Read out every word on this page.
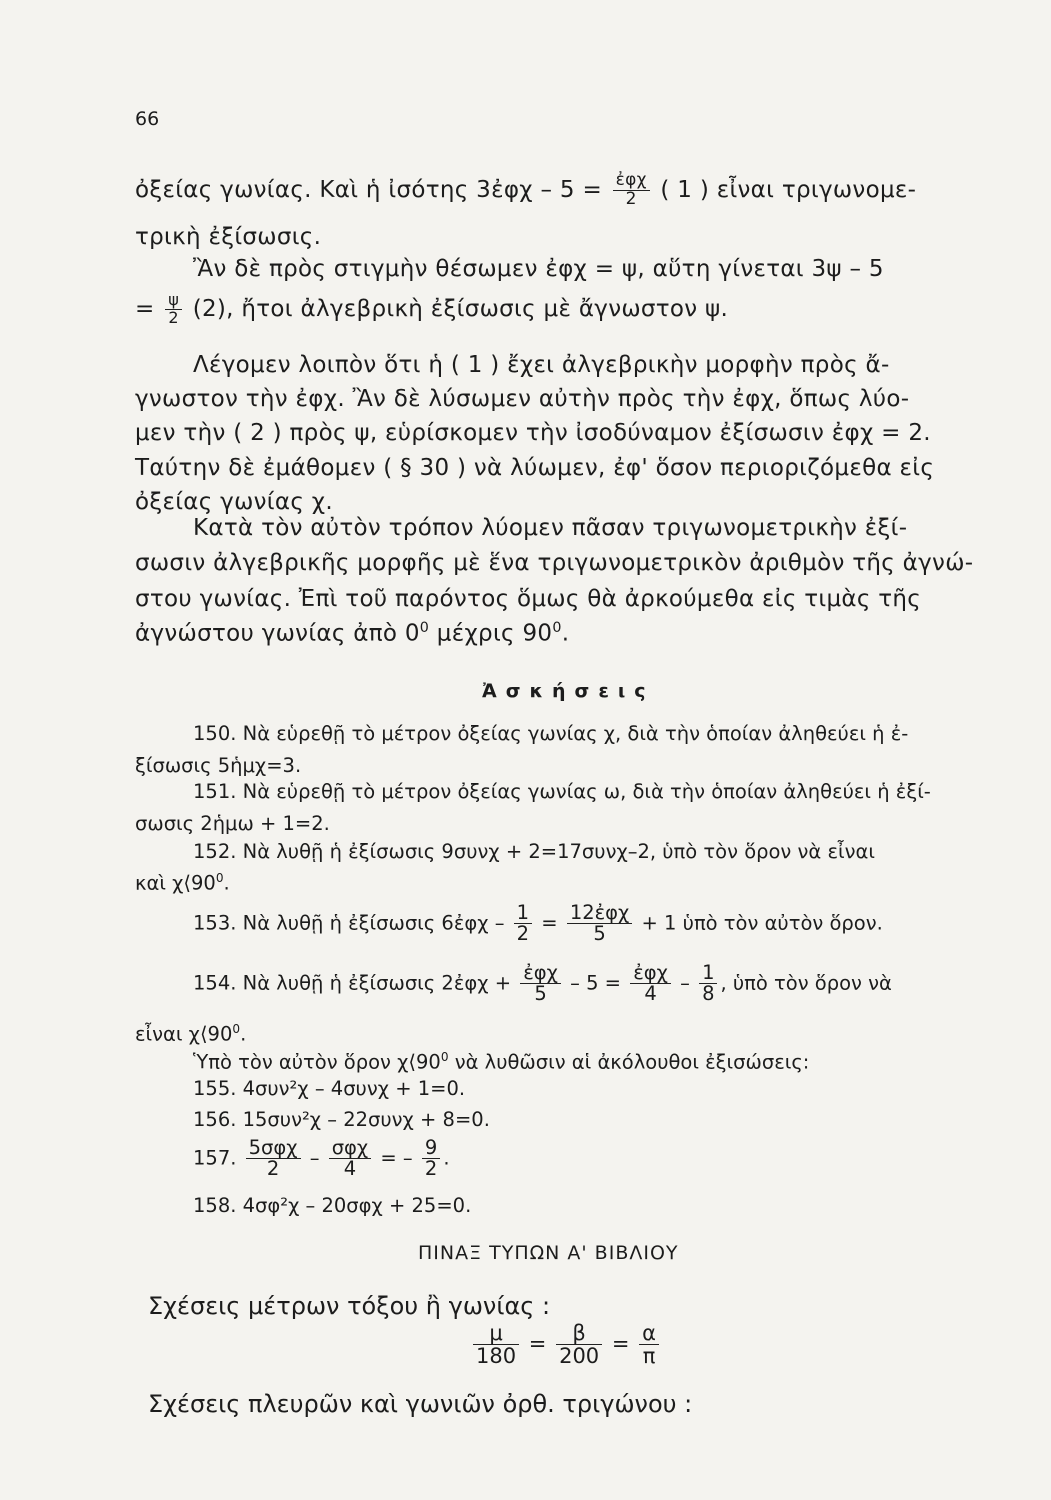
66
ὀξείας γωνίας. Καὶ ἡ ἰσότης 3ἐφχ – $5 = \frac{\text{ἐφχ}}{2}$ ( 1 ) εἶναι τριγωνομε-
τρικὴ ἐξίσωσις.
Ἂν δὲ πρὸς στιγμὴν θέσωμεν ἐφχ = ψ, αὕτη γίνεται 3ψ – 5
= $\frac{\psi}{2} (2)$, ἤτοι ἀλγεβρικὴ ἐξίσωσις μὲ ἄγνωστον ψ.
Λέγομεν λοιπὸν ὅτι ἡ ( 1 ) ἔχει ἀλγεβρικὴν μορφὴν πρὸς ἄ-
γνωστον τὴν ἐφχ. Ἂν δὲ λύσωμεν αὐτὴν πρὸς τὴν ἐφχ, ὅπως λύο-
μεν τὴν ( 2 ) πρὸς ψ, εὑρίσκομεν τὴν ἰσοδύναμον ἐξίσωσιν ἐφχ = 2.
Ταύτην δὲ ἐμάθομεν ( § 30 ) νὰ λύωμεν, ἐφ' ὅσον περιοριζόμεθα εἰς
ὀξείας γωνίας χ.
Κατὰ τὸν αὐτὸν τρόπον λύομεν πᾶσαν τριγωνομετρικὴν ἐξί-
σωσιν ἀλγεβρικῆς μορφῆς μὲ ἕνα τριγωνομετρικὸν ἀριθμὸν τῆς ἀγνώ-
στου γωνίας. Ἐπὶ τοῦ παρόντος ὅμως θὰ ἀρκούμεθα εἰς τιμὰς τῆς
ἀγνώστου γωνίας ἀπὸ $0^0$ μέχρις $90^0$.
Ἀσκήσεις
150. Νὰ εὑρεθῇ τὸ μέτρον ὀξείας γωνίας χ, διὰ τὴν ὁποίαν ἀληθεύει ἡ ἐ-
ξίσωσις 5ἡμχ=3.
151. Νὰ εὑρεθῇ τὸ μέτρον ὀξείας γωνίας ω, διὰ τὴν ὁποίαν ἀληθεύει ἡ ἐξί-
σωσις 2ἡμω + 1=2.
152. Νὰ λυθῇ ἡ ἐξίσωσις 9συνχ + 2=17συνχ–2, ὑπὸ τὸν ὅρον νὰ εἶναι
καὶ $\chi⟨90^0$.
153. Νὰ λυθῇ ἡ ἐξίσωσις 6ἐφχ – $\frac{1}{2} = \frac{\text{12ἐφχ}}{5} + 1$ ὑπὸ τὸν αὐτὸν ὅρον.
154. Νὰ λυθῇ ἡ ἐξίσωσις 2ἐφχ + $\frac{\text{ἐφχ}}{5} - 5 = \frac{\text{ἐφχ}}{4} - \frac{1}{8}$ , ὑπὸ τὸν ὅρον νὰ
εἶναι $\chi⟨90^0$.
Ὑπὸ τὸν αὐτὸν ὅρον $\chi⟨90^0$ νὰ λυθῶσιν αἱ ἀκόλουθοι ἐξισώσεις:
155. 4συν²χ – 4συνχ + 1=0.
156. 15συν²χ – 22συνχ + 8=0.
157. $\frac{\text{5σφχ}}{2} - \frac{\text{σφχ}}{4}$ = – $\frac{9}{2}$ .
158. 4σφ²χ – 20σφχ + 25=0.
ΠΙΝΑΞ ΤΥΠΩΝ Α' ΒΙΒΛΙΟΥ
Σχέσεις μέτρων τόξου ἢ γωνίας :
$\frac{\mu}{180} = \frac{\beta}{200} = \frac{\alpha}{\pi}$
Σχέσεις πλευρῶν καὶ γωνιῶν ὀρθ. τριγώνου :
